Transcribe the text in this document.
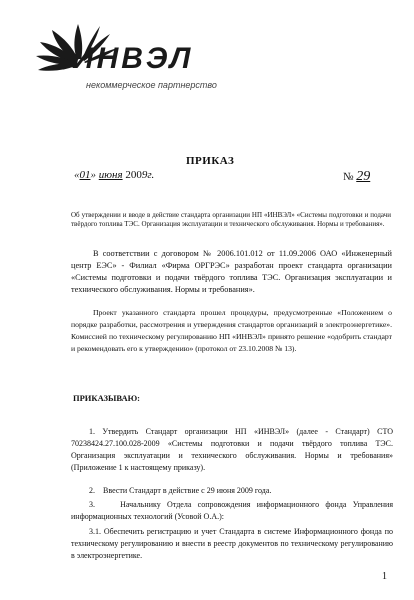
ИНВЭЛ
некоммерческое партнерство
ПРИКАЗ
«01» июня 2009г.	№ 29
Об утверждении и вводе в действие стандарта организации НП «ИНВЭЛ» «Системы подготовки и подачи твёрдого топлива ТЭС. Организация эксплуатации и технического обслуживания. Нормы и требования».
В соответствии с договором № 2006.101.012 от 11.09.2006 ОАО «Инженерный центр ЕЭС» - Филиал «Фирма ОРГРЭС» разработан проект стандарта организации «Системы подготовки и подачи твёрдого топлива ТЭС. Организация эксплуатации и технического обслуживания. Нормы и требования».
Проект указанного стандарта прошел процедуры, предусмотренные «Положением о порядке разработки, рассмотрения и утверждения стандартов организаций в электроэнергетике». Комиссией по техническому регулированию НП «ИНВЭЛ» принято решение «одобрить стандарт и рекомендовать его к утверждению» (протокол от 23.10.2008 № 13).
ПРИКАЗЫВАЮ:
1. Утвердить Стандарт организации НП «ИНВЭЛ» (далее - Стандарт) СТО 70238424.27.100.028-2009 «Системы подготовки и подачи твёрдого топлива ТЭС. Организация эксплуатации и технического обслуживания. Нормы и требования» (Приложение 1 к настоящему приказу).
2.    Ввести Стандарт в действие с 29 июня 2009 года.
3.    Начальнику Отдела сопровождения информационного фонда Управления информационных технологий (Усовой О.А.):
3.1. Обеспечить регистрацию и учет Стандарта в системе Информационного фонда по техническому регулированию и внести в реестр документов по техническому регулированию в электроэнергетике.
1
